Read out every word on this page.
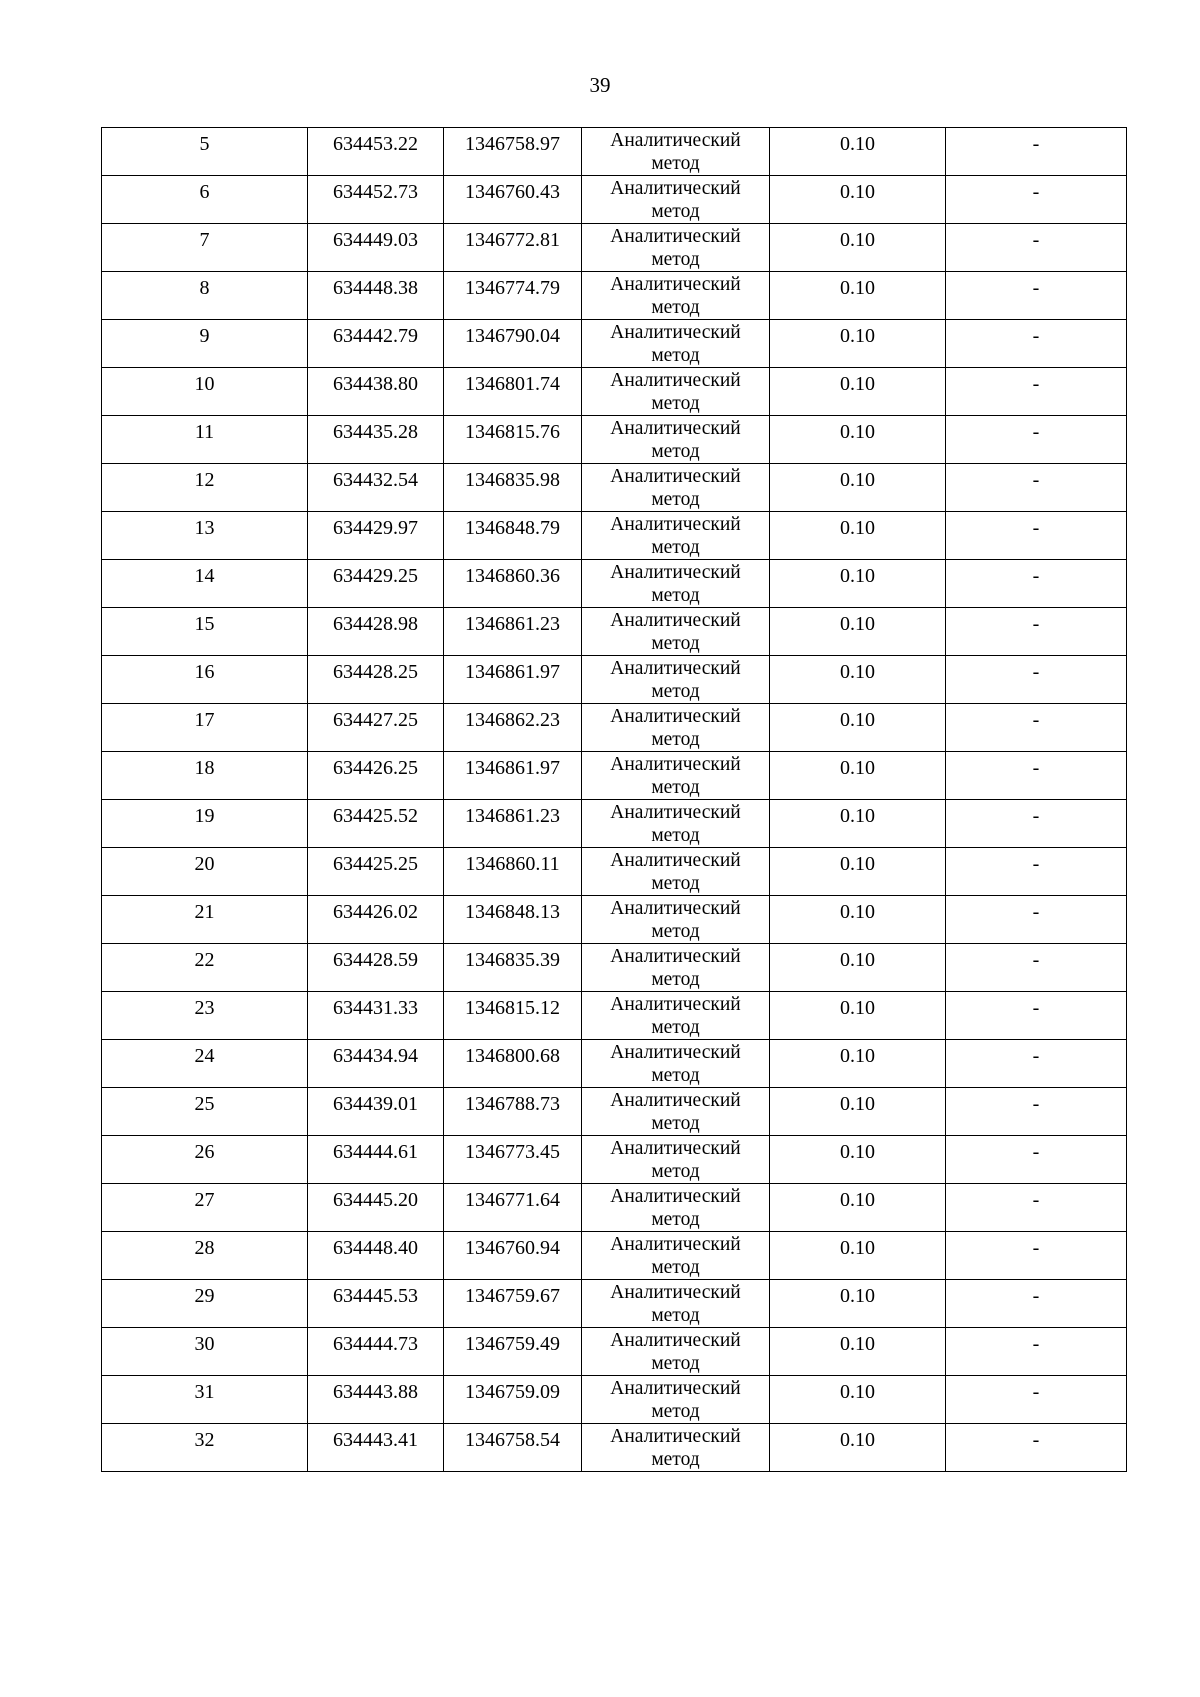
39
5	634453.22	1346758.97	Аналитический
метод	0.10	-
6	634452.73	1346760.43	Аналитический
метод	0.10	-
7	634449.03	1346772.81	Аналитический
метод	0.10	-
8	634448.38	1346774.79	Аналитический
метод	0.10	-
9	634442.79	1346790.04	Аналитический
метод	0.10	-
10	634438.80	1346801.74	Аналитический
метод	0.10	-
11	634435.28	1346815.76	Аналитический
метод	0.10	-
12	634432.54	1346835.98	Аналитический
метод	0.10	-
13	634429.97	1346848.79	Аналитический
метод	0.10	-
14	634429.25	1346860.36	Аналитический
метод	0.10	-
15	634428.98	1346861.23	Аналитический
метод	0.10	-
16	634428.25	1346861.97	Аналитический
метод	0.10	-
17	634427.25	1346862.23	Аналитический
метод	0.10	-
18	634426.25	1346861.97	Аналитический
метод	0.10	-
19	634425.52	1346861.23	Аналитический
метод	0.10	-
20	634425.25	1346860.11	Аналитический
метод	0.10	-
21	634426.02	1346848.13	Аналитический
метод	0.10	-
22	634428.59	1346835.39	Аналитический
метод	0.10	-
23	634431.33	1346815.12	Аналитический
метод	0.10	-
24	634434.94	1346800.68	Аналитический
метод	0.10	-
25	634439.01	1346788.73	Аналитический
метод	0.10	-
26	634444.61	1346773.45	Аналитический
метод	0.10	-
27	634445.20	1346771.64	Аналитический
метод	0.10	-
28	634448.40	1346760.94	Аналитический
метод	0.10	-
29	634445.53	1346759.67	Аналитический
метод	0.10	-
30	634444.73	1346759.49	Аналитический
метод	0.10	-
31	634443.88	1346759.09	Аналитический
метод	0.10	-
32	634443.41	1346758.54	Аналитический
метод	0.10	-
